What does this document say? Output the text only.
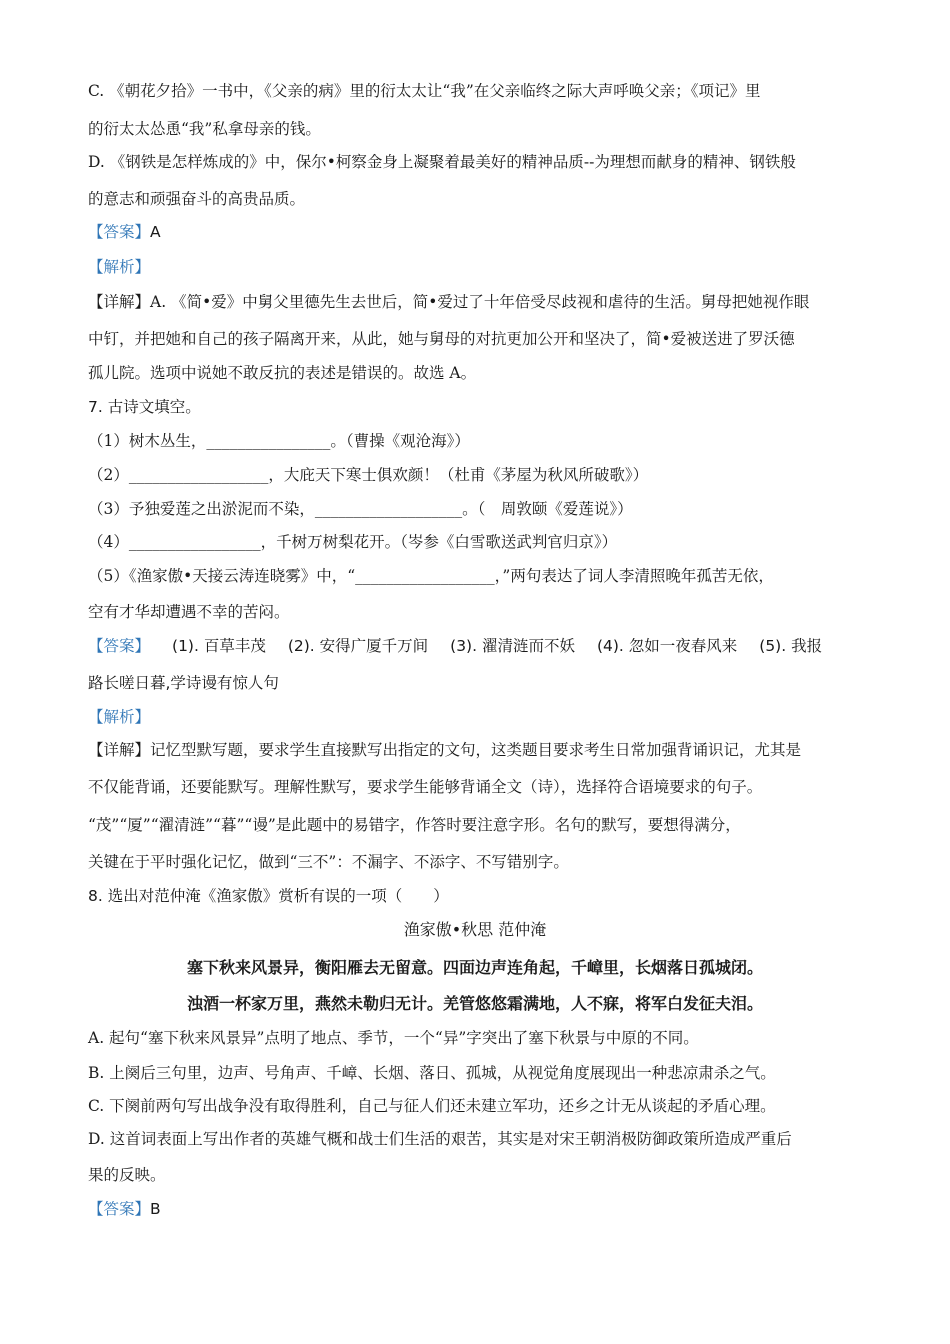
C. 《朝花夕拾》一书中，《父亲的病》里的衍太太让“我”在父亲临终之际大声呼唤父亲；《项记》里
的衍太太怂恿“我”私拿母亲的钱。
D. 《钢铁是怎样炼成的》中，保尔•柯察金身上凝聚着最美好的精神品质--为理想而献身的精神、钢铁般
的意志和顽强奋斗的高贵品质。
【答案】A
【解析】
【详解】A. 《简•爱》中舅父里德先生去世后，简•爱过了十年倍受尽歧视和虐待的生活。舅母把她视作眼
中钉，并把她和自己的孩子隔离开来，从此，她与舅母的对抗更加公开和坚决了，简•爱被送进了罗沃德
孤儿院。选项中说她不敢反抗的表述是错误的。故选 A。
7. 古诗文填空。
（1）树木丛生，________________。（曹操《观沧海》）
（2）__________________，大庇天下寒士俱欢颜！（杜甫《茅屋为秋风所破歌》）
（3）予独爱莲之出淤泥而不染，___________________。（　周敦颐《爱莲说》）
（4）_________________，千树万树梨花开。（岑参《白雪歌送武判官归京》）
（5）《渔家傲•天接云涛连晓雾》中，“__________________，”两句表达了词人李清照晚年孤苦无依，
空有才华却遭遇不幸的苦闷。
【答案】 (1). 百草丰茂 (2). 安得广厦千万间 (3). 濯清涟而不妖 (4). 忽如一夜春风来 (5). 我报
路长嗟日暮,学诗谩有惊人句
【解析】
【详解】记忆型默写题，要求学生直接默写出指定的文句，这类题目要求考生日常加强背诵识记，尤其是
不仅能背诵，还要能默写。理解性默写，要求学生能够背诵全文（诗），选择符合语境要求的句子。
“茂”“厦”“濯清涟”“暮”“谩”是此题中的易错字，作答时要注意字形。名句的默写，要想得满分，
关键在于平时强化记忆，做到“三不”：不漏字、不添字、不写错别字。
8. 选出对范仲淹《渔家傲》赏析有误的一项（　　）
渔家傲•秋思 范仲淹
塞下秋来风景异，衡阳雁去无留意。四面边声连角起，千嶂里，长烟落日孤城闭。
浊酒一杯家万里，燕然未勒归无计。羌管悠悠霜满地，人不寐，将军白发征夫泪。
A. 起句“塞下秋来风景异”点明了地点、季节，一个“异”字突出了塞下秋景与中原的不同。
B. 上阕后三句里，边声、号角声、千嶂、长烟、落日、孤城，从视觉角度展现出一种悲凉肃杀之气。
C. 下阕前两句写出战争没有取得胜利，自己与征人们还未建立军功，还乡之计无从谈起的矛盾心理。
D. 这首词表面上写出作者的英雄气概和战士们生活的艰苦，其实是对宋王朝消极防御政策所造成严重后
果的反映。
【答案】B
